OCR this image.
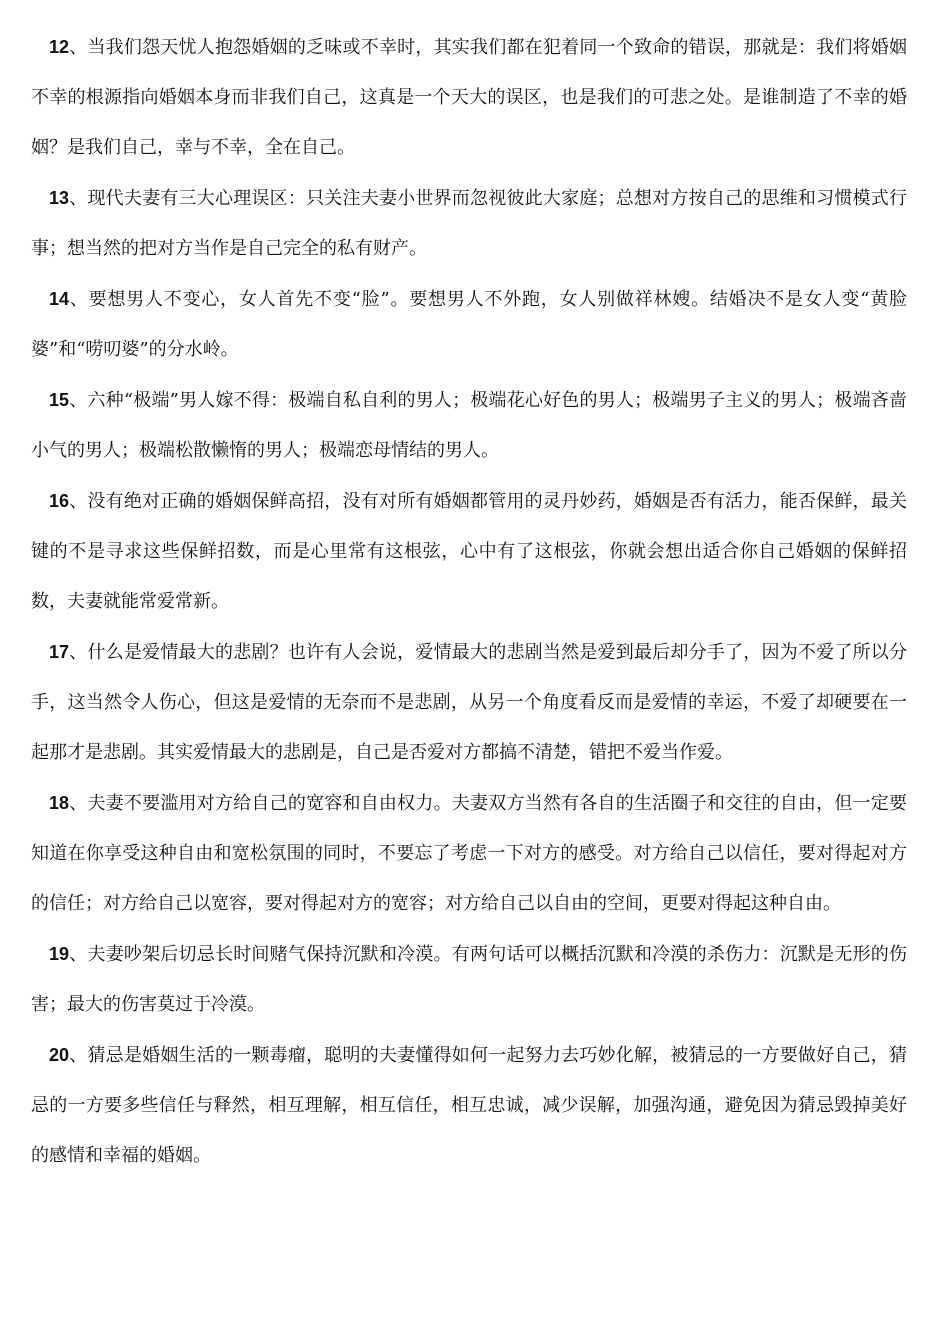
12、当我们怨天忧人抱怨婚姻的乏味或不幸时，其实我们都在犯着同一个致命的错误，那就是：我们将婚姻不幸的根源指向婚姻本身而非我们自己，这真是一个天大的误区，也是我们的可悲之处。是谁制造了不幸的婚姻？是我们自己，幸与不幸，全在自己。

13、现代夫妻有三大心理误区：只关注夫妻小世界而忽视彼此大家庭；总想对方按自己的思维和习惯模式行事；想当然的把对方当作是自己完全的私有财产。

14、要想男人不变心，女人首先不变“脸”。要想男人不外跑，女人别做祥林嫂。结婚决不是女人变“黄脸婆”和“唠叨婆”的分水岭。

15、六种“极端”男人嫁不得：极端自私自利的男人；极端花心好色的男人；极端男子主义的男人；极端吝啬小气的男人；极端松散懒惰的男人；极端恋母情结的男人。

16、没有绝对正确的婚姻保鲜高招，没有对所有婚姻都管用的灵丹妙药，婚姻是否有活力，能否保鲜，最关键的不是寻求这些保鲜招数，而是心里常有这根弦，心中有了这根弦，你就会想出适合你自己婚姻的保鲜招数，夫妻就能常爱常新。

17、什么是爱情最大的悲剧？也许有人会说，爱情最大的悲剧当然是爱到最后却分手了，因为不爱了所以分手，这当然令人伤心，但这是爱情的无奈而不是悲剧，从另一个角度看反而是爱情的幸运，不爱了却硬要在一起那才是悲剧。其实爱情最大的悲剧是，自己是否爱对方都搞不清楚，错把不爱当作爱。

18、夫妻不要滥用对方给自己的宽容和自由权力。夫妻双方当然有各自的生活圈子和交往的自由，但一定要知道在你享受这种自由和宽松氛围的同时，不要忘了考虑一下对方的感受。对方给自己以信任，要对得起对方的信任；对方给自己以宽容，要对得起对方的宽容；对方给自己以自由的空间，更要对得起这种自由。

19、夫妻吵架后切忌长时间赌气保持沉默和冷漠。有两句话可以概括沉默和冷漠的杀伤力：沉默是无形的伤害；最大的伤害莫过于冷漠。

20、猜忌是婚姻生活的一颗毒瘤，聪明的夫妻懂得如何一起努力去巧妙化解，被猜忌的一方要做好自己，猜忌的一方要多些信任与释然，相互理解，相互信任，相互忠诚，减少误解，加强沟通，避免因为猜忌毁掉美好的感情和幸福的婚姻。
